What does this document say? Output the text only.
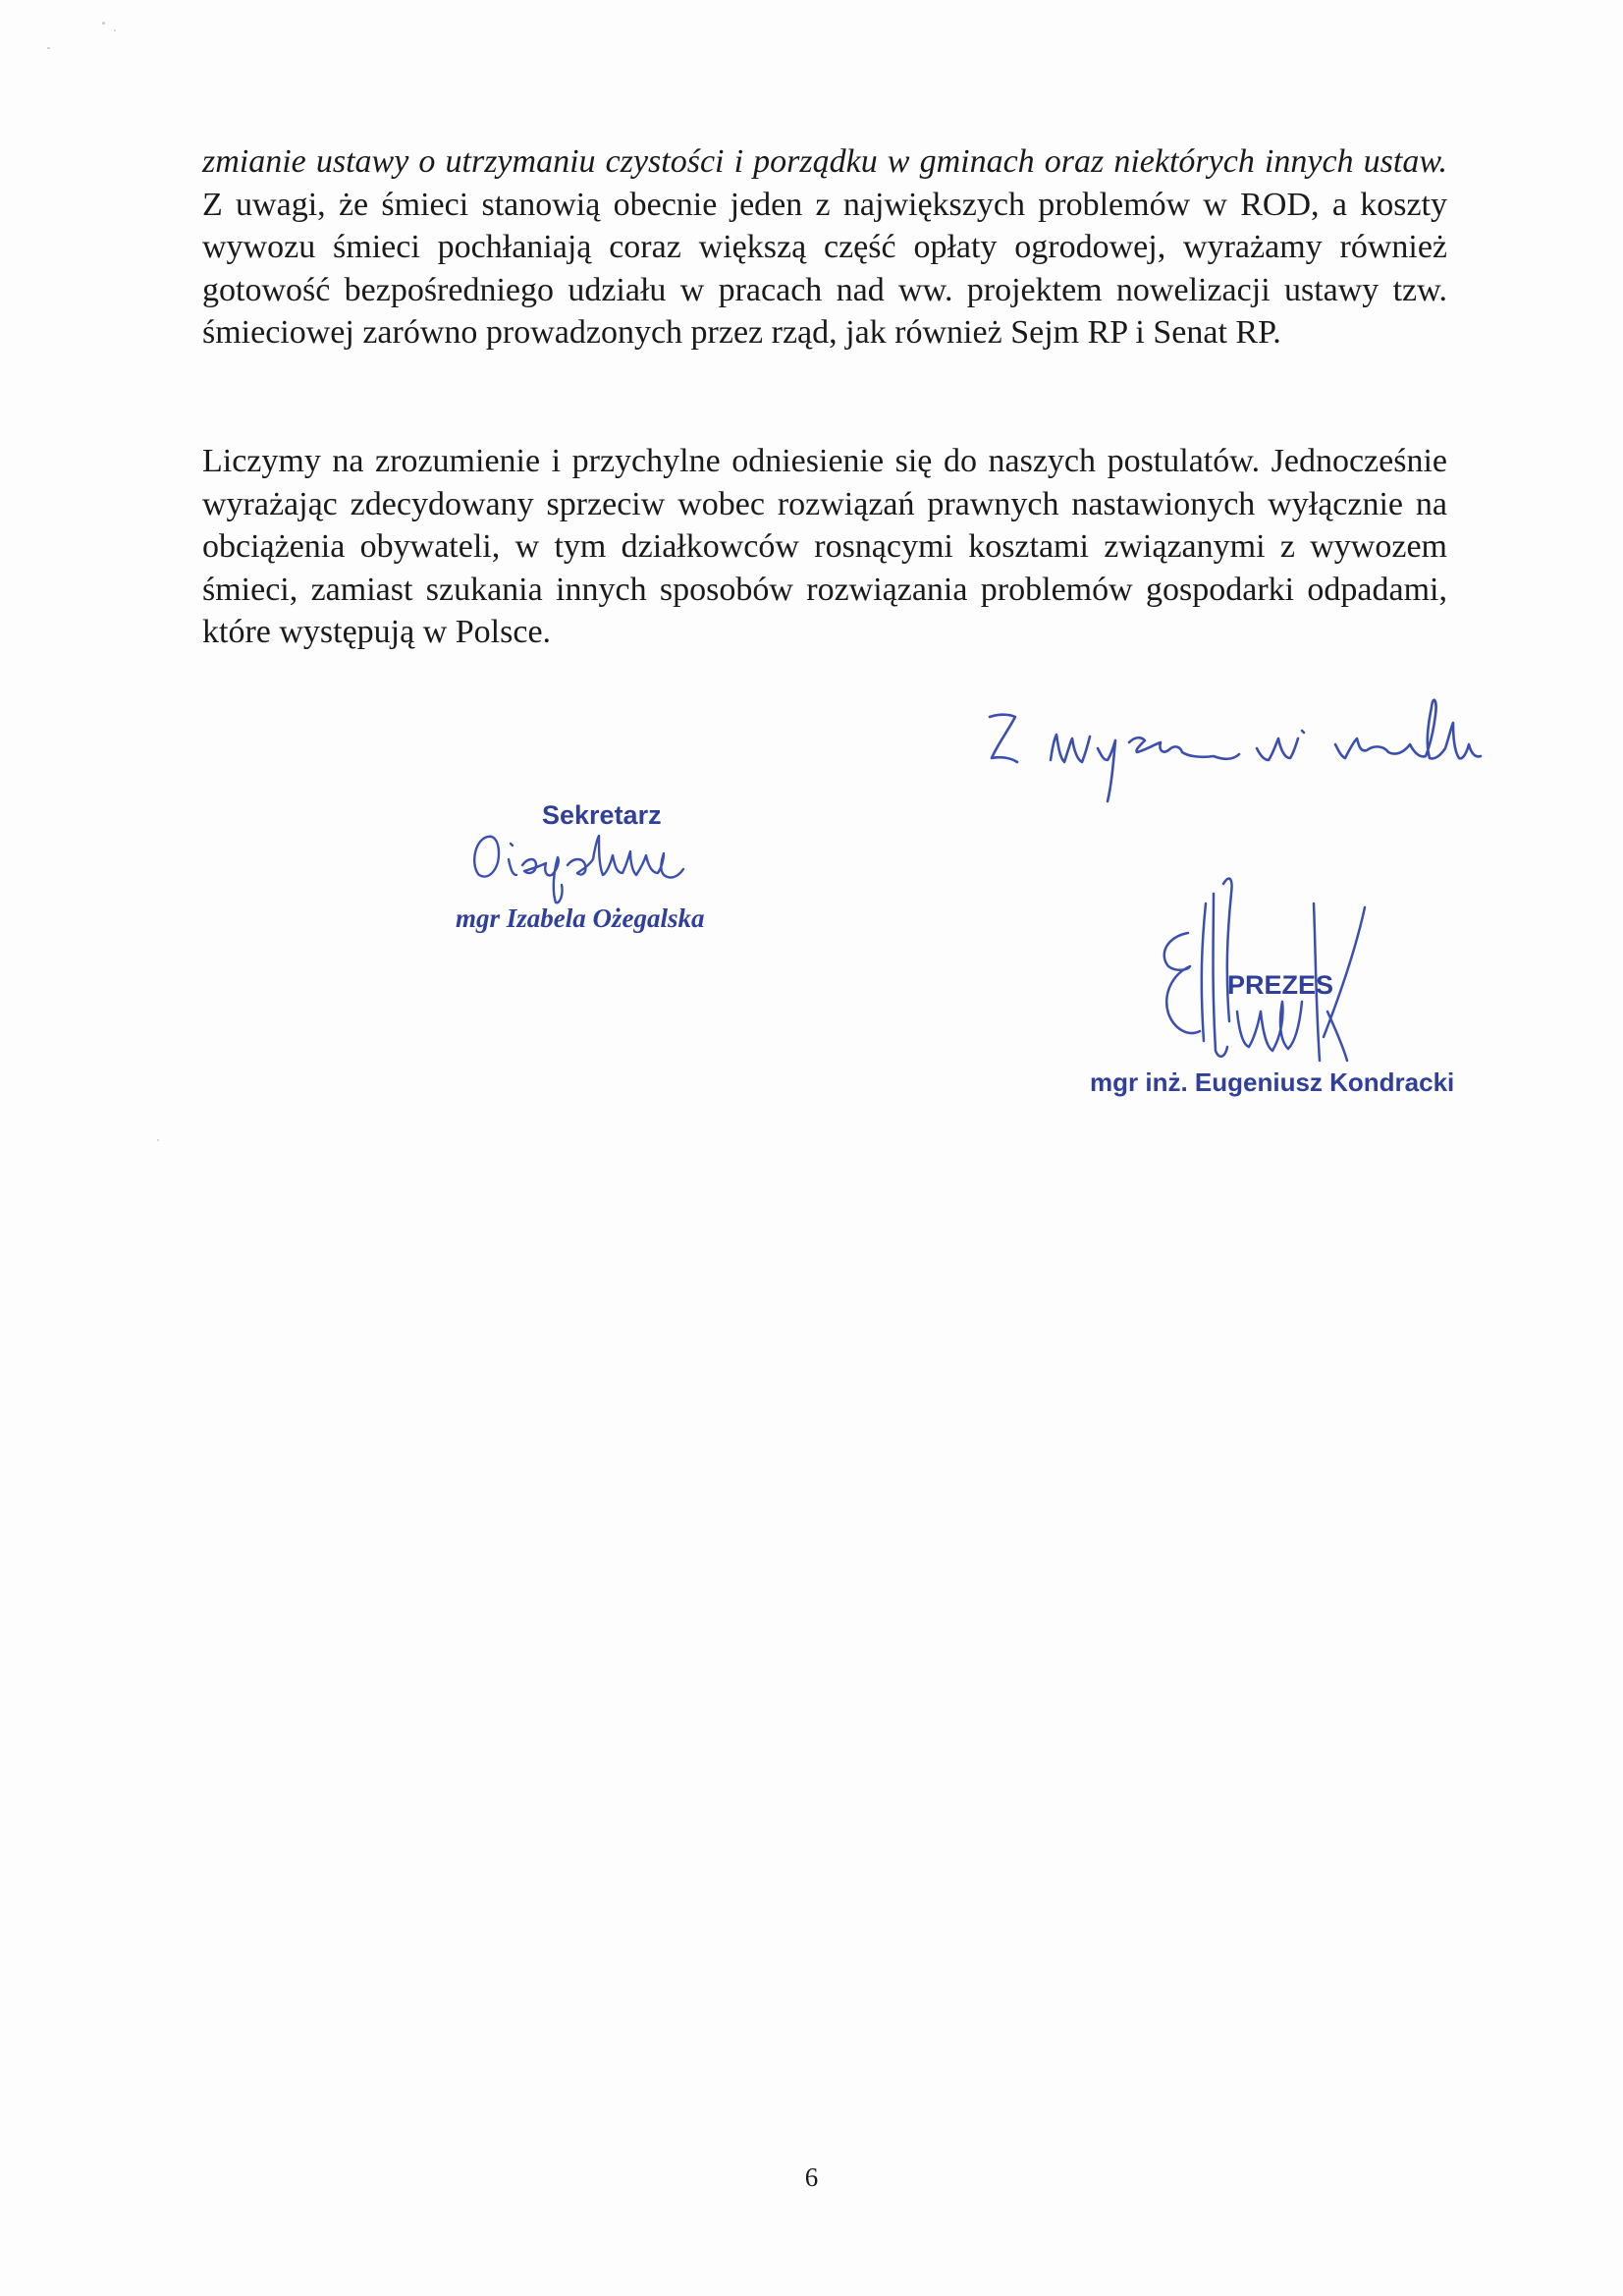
zmianie ustawy o utrzymaniu czystości i porządku w gminach oraz niektórych innych ustaw. Z uwagi, że śmieci stanowią obecnie jeden z największych problemów w ROD, a koszty wywozu śmieci pochłaniają coraz większą część opłaty ogrodowej, wyrażamy również gotowość bezpośredniego udziału w pracach nad ww. projektem nowelizacji ustawy tzw. śmieciowej zarówno prowadzonych przez rząd, jak również Sejm RP i Senat RP.

Liczymy na zrozumienie i przychylne odniesienie się do naszych postulatów. Jednocześnie wyrażając zdecydowany sprzeciw wobec rozwiązań prawnych nastawionych wyłącznie na obciążenia obywateli, w tym działkowców rosnącymi kosztami związanymi z wywozem śmieci, zamiast szukania innych sposobów rozwiązania problemów gospodarki odpadami, które występują w Polsce.

Sekretarz
mgr Izabela Ożegalska
PREZES
mgr inż. Eugeniusz Kondracki
6
